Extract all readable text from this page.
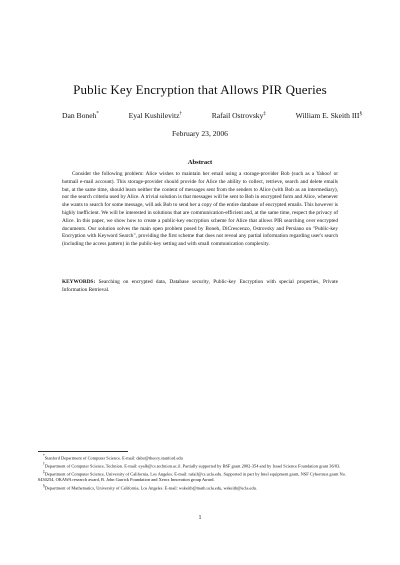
Public Key Encryption that Allows PIR Queries
Dan Boneh*	Eyal Kushilevitz†	Rafail Ostrovsky‡	William E. Skeith III§
February 23, 2006
Abstract

Consider the following problem: Alice wishes to maintain her email using a storage-provider Bob (such as a Yahoo! or hotmail e-mail account). This storage-provider should provide for Alice the ability to collect, retrieve, search and delete emails but, at the same time, should learn neither the content of messages sent from the senders to Alice (with Bob as an intermediary), nor the search criteria used by Alice. A trivial solution is that messages will be sent to Bob in encrypted form and Alice, whenever she wants to search for some message, will ask Bob to send her a copy of the entire database of encrypted emails. This however is highly inefficient. We will be interested in solutions that are communication-efficient and, at the same time, respect the privacy of Alice. In this paper, we show how to create a public-key encryption scheme for Alice that allows PIR searching over encrypted documents. Our solution solves the main open problem posed by Boneh, DiCrescenzo, Ostrovsky and Persiano on "Public-key Encryption with Keyword Search", providing the first scheme that does not reveal any partial information regarding user's search (including the access pattern) in the public-key setting and with small communication complexity.

KEYWORDS: Searching on encrypted data, Database security, Public-key Encryption with special properties, Private Information Retrieval.

*Stanford Department of Computer Science. E-mail: dabo@theory.stanford.edu

†Department of Computer Science, Technion. E-mail: eyalk@cs.technion.ac.il. Partially supported by BSF grant 2002-354 and by Israel Science Foundation grant 36/03.

‡Department of Computer Science, University of California, Los Angeles. E-mail: rafail@cs.ucla.edu. Supported in part by Intel equipment grant, NSF Cybertrust grant No. 0430254, OKAWA research award, B. John Garrick Foundation and Xerox Innovation group Award.

§Department of Mathematics, University of California, Los Angeles. E-mail: wskeith@math.ucla.edu, wskeith@ucla.edu.

1
